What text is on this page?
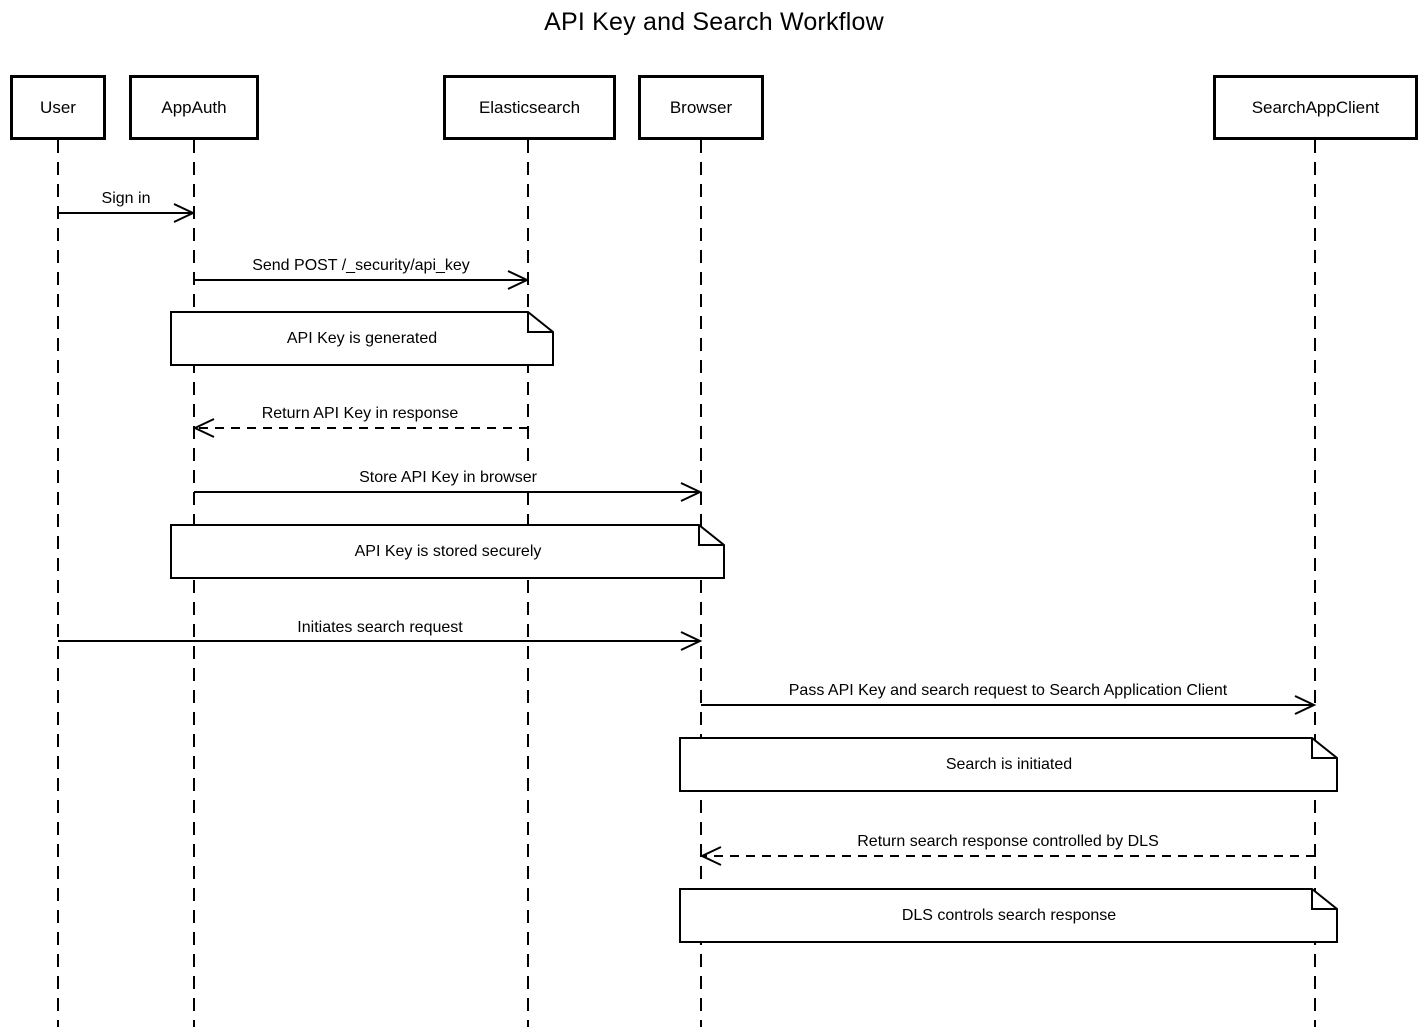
API Key and Search Workflow
User	AppAuth	Elasticsearch	Browser	SearchAppClient
Sign in
Send POST /_security/api_key
Return API Key in response
Store API Key in browser
Initiates search request
Pass API Key and search request to Search Application Client
Return search response controlled by DLS
API Key is generated
API Key is stored securely
Search is initiated
DLS controls search response
